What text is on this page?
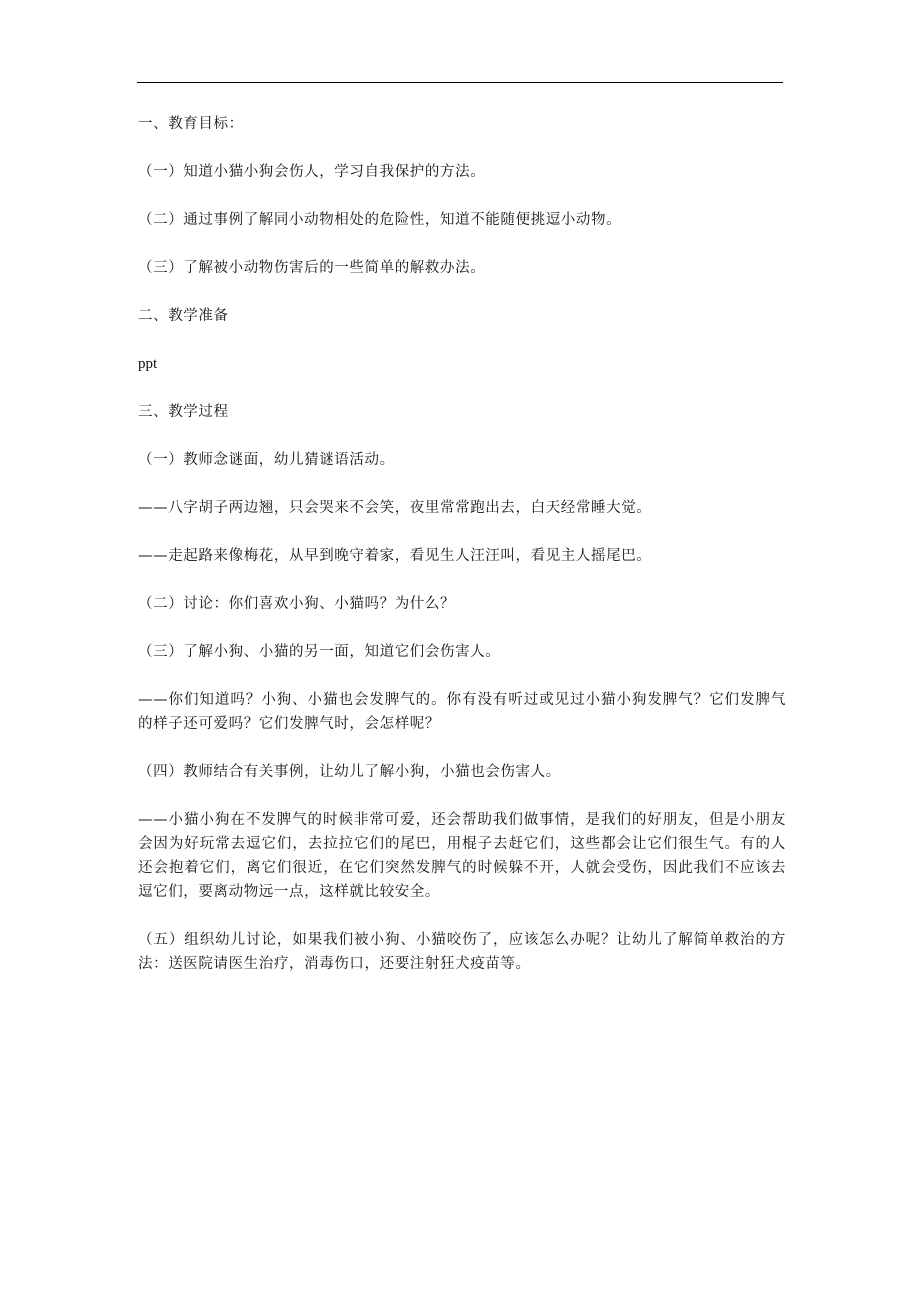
一、教育目标：

（一）知道小猫小狗会伤人，学习自我保护的方法。

（二）通过事例了解同小动物相处的危险性，知道不能随便挑逗小动物。

（三）了解被小动物伤害后的一些简单的解救办法。

二、教学准备

ppt

三、教学过程

（一）教师念谜面，幼儿猜谜语活动。

——八字胡子两边翘，只会哭来不会笑，夜里常常跑出去，白天经常睡大觉。

——走起路来像梅花，从早到晚守着家，看见生人汪汪叫，看见主人摇尾巴。

（二）讨论：你们喜欢小狗、小猫吗？为什么？

（三）了解小狗、小猫的另一面，知道它们会伤害人。

——你们知道吗？小狗、小猫也会发脾气的。你有没有听过或见过小猫小狗发脾气？它们发脾气的样子还可爱吗？它们发脾气时，会怎样呢？

（四）教师结合有关事例，让幼儿了解小狗，小猫也会伤害人。

——小猫小狗在不发脾气的时候非常可爱，还会帮助我们做事情，是我们的好朋友，但是小朋友会因为好玩常去逗它们，去拉拉它们的尾巴，用棍子去赶它们，这些都会让它们很生气。有的人还会抱着它们，离它们很近，在它们突然发脾气的时候躲不开，人就会受伤，因此我们不应该去逗它们，要离动物远一点，这样就比较安全。

（五）组织幼儿讨论，如果我们被小狗、小猫咬伤了，应该怎么办呢？让幼儿了解简单救治的方法：送医院请医生治疗，消毒伤口，还要注射狂犬疫苗等。
